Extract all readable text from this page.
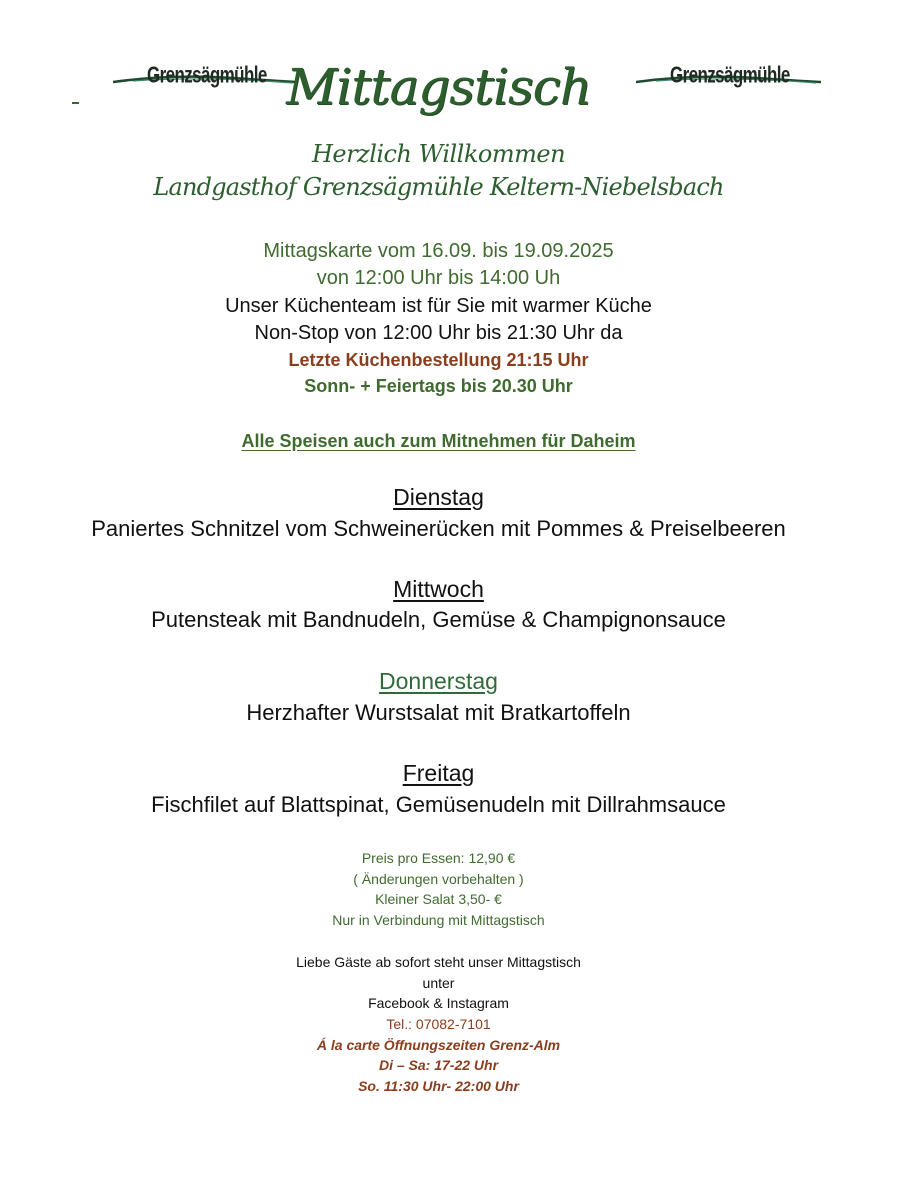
Grenzsägmühle	Grenzsägmühle
Mittagstisch
Herzlich Willkommen
Landgasthof Grenzsägmühle Keltern-Niebelsbach
Mittagskarte vom 16.09. bis 19.09.2025
von 12:00 Uhr bis 14:00 Uh
Unser Küchenteam ist für Sie mit warmer Küche
Non-Stop von 12:00 Uhr bis 21:30 Uhr da
Letzte Küchenbestellung 21:15 Uhr
Sonn- + Feiertags bis 20.30 Uhr
Alle Speisen auch zum Mitnehmen für Daheim
Dienstag
Paniertes Schnitzel vom Schweinerücken mit Pommes & Preiselbeeren
Mittwoch
Putensteak mit Bandnudeln, Gemüse & Champignonsauce
Donnerstag
Herzhafter Wurstsalat mit Bratkartoffeln
Freitag
Fischfilet auf Blattspinat, Gemüsenudeln mit Dillrahmsauce
Preis pro Essen: 12,90 €
( Änderungen vorbehalten )
Kleiner Salat 3,50- €
Nur in Verbindung mit Mittagstisch
Liebe Gäste ab sofort steht unser Mittagstisch
unter
Facebook & Instagram
Tel.: 07082-7101
Á la carte Öffnungszeiten Grenz-Alm
Di – Sa: 17-22 Uhr
So. 11:30 Uhr- 22:00 Uhr
